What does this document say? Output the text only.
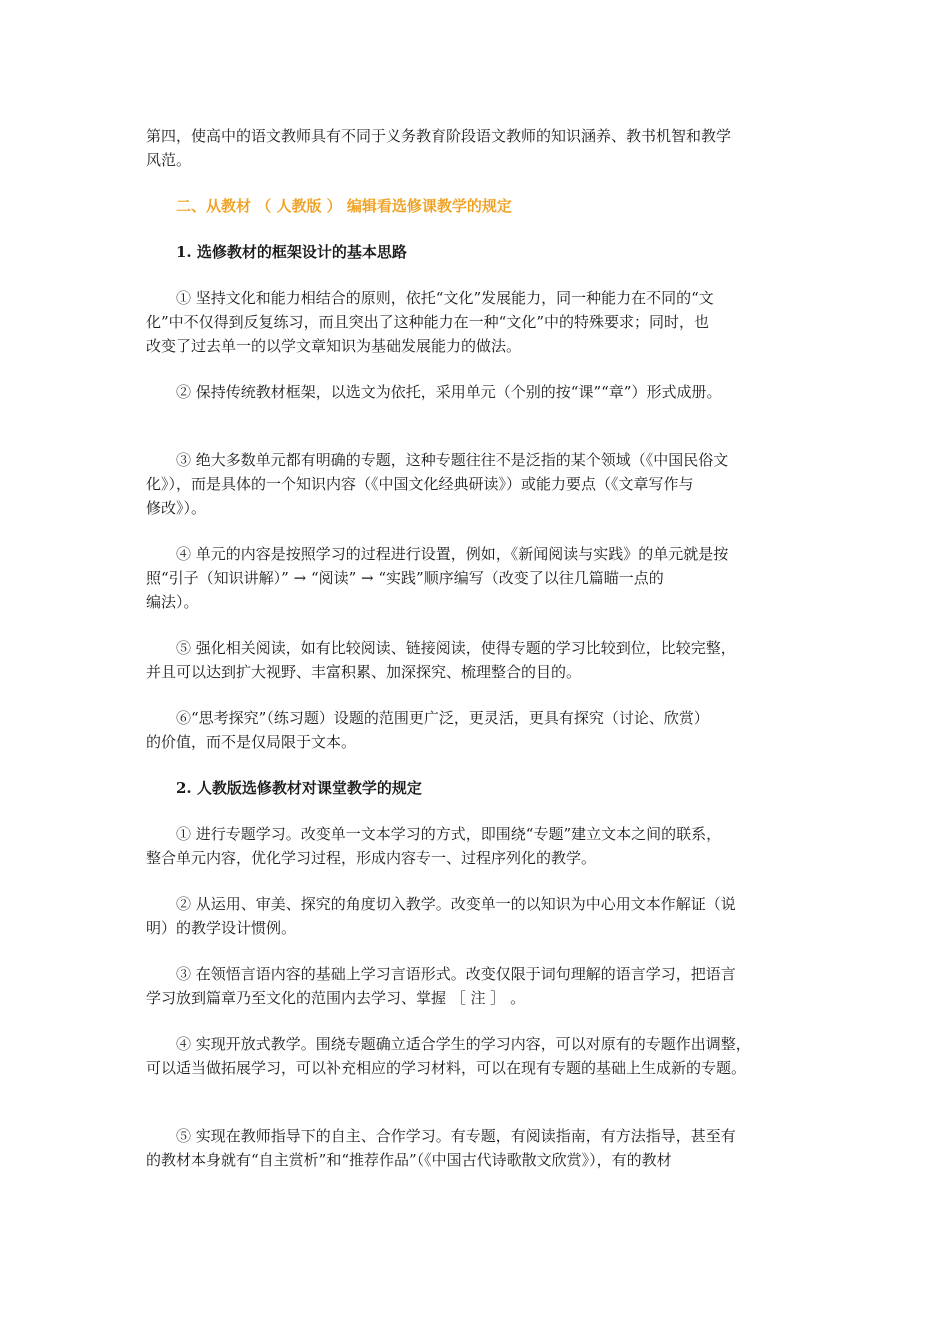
第四，使高中的语文教师具有不同于义务教育阶段语文教师的知识涵养、教书机智和教学
风范。

二、从教材 （ 人教版 ） 编辑看选修课教学的规定

1. 选修教材的框架设计的基本思路

① 坚持文化和能力相结合的原则，依托“文化”发展能力，同一种能力在不同的“文
化”中不仅得到反复练习，而且突出了这种能力在一种“文化”中的特殊要求；同时，也
改变了过去单一的以学文章知识为基础发展能力的做法。

② 保持传统教材框架，以选文为依托，采用单元（个别的按“课”“章”）形式成册。

③ 绝大多数单元都有明确的专题，这种专题往往不是泛指的某个领域（《中国民俗文
化》），而是具体的一个知识内容（《中国文化经典研读》）或能力要点（《文章写作与
修改》）。

④ 单元的内容是按照学习的过程进行设置，例如，《新闻阅读与实践》的单元就是按
照“引子（知识讲解）” → “阅读” → “实践”顺序编写（改变了以往几篇瞄一点的
编法）。

⑤ 强化相关阅读，如有比较阅读、链接阅读，使得专题的学习比较到位，比较完整，
并且可以达到扩大视野、丰富积累、加深探究、梳理整合的目的。

⑥“思考探究”（练习题）设题的范围更广泛，更灵活，更具有探究（讨论、欣赏）
的价值，而不是仅局限于文本。

2. 人教版选修教材对课堂教学的规定

① 进行专题学习。改变单一文本学习的方式，即围绕“专题”建立文本之间的联系，
整合单元内容，优化学习过程，形成内容专一、过程序列化的教学。

② 从运用、审美、探究的角度切入教学。改变单一的以知识为中心用文本作解证（说
明）的教学设计惯例。

③ 在领悟言语内容的基础上学习言语形式。改变仅限于词句理解的语言学习，把语言
学习放到篇章乃至文化的范围内去学习、掌握 ［ 注 ］ 。

④ 实现开放式教学。围绕专题确立适合学生的学习内容，可以对原有的专题作出调整，
可以适当做拓展学习，可以补充相应的学习材料，可以在现有专题的基础上生成新的专题。

⑤ 实现在教师指导下的自主、合作学习。有专题，有阅读指南，有方法指导，甚至有
的教材本身就有“自主赏析”和“推荐作品”（《中国古代诗歌散文欣赏》），有的教材
